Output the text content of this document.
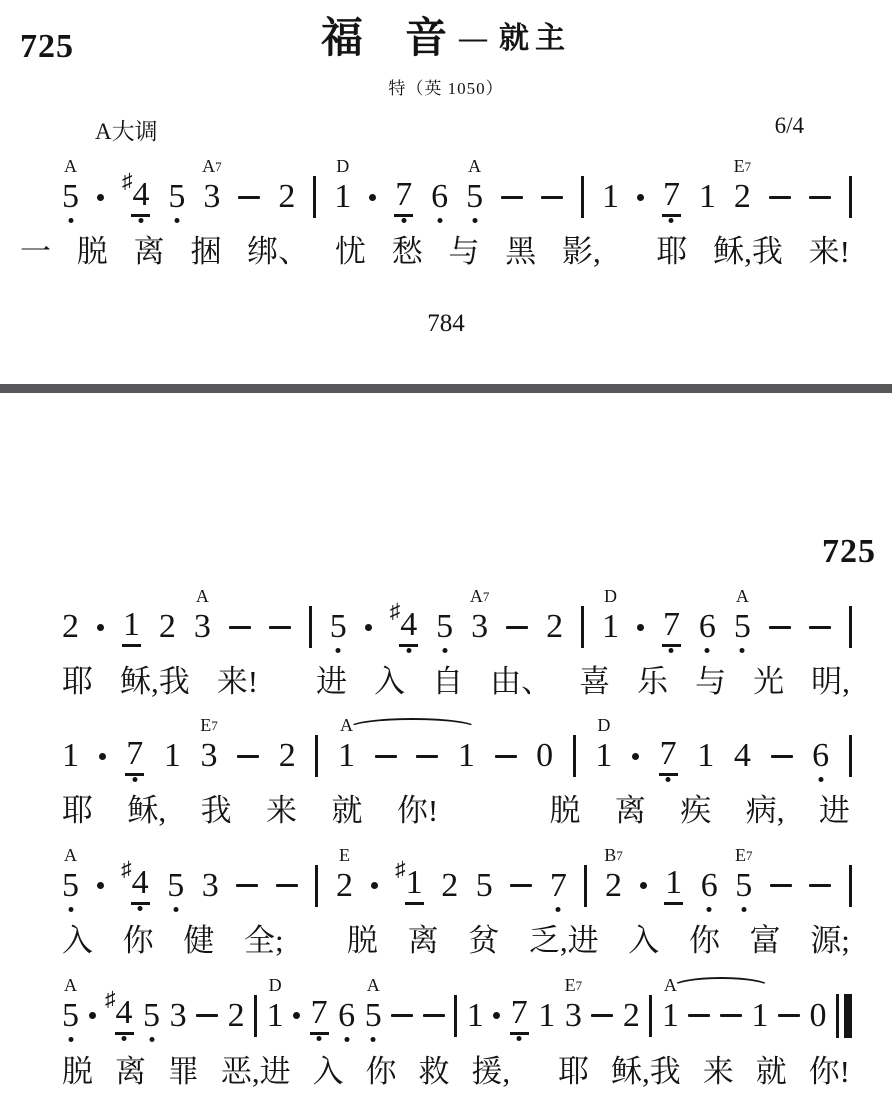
725	福　音 — 就主
特（英 1050）
A大调	6/4
5
A
♯ 4 5 3
A7
2 1
D
7 6 5
A
1 7 1 2
E7
一 脱 离 捆 绑、 忧 愁 与 黑 影, 耶 稣,我 来!
784
725
2 1 2 3
A
5 ♯ 4 5 3
A7
2 1
D
7 6 5
A
耶 稣,我 来! 进 入 自 由、 喜 乐 与 光 明,
1 7 1 3
E7
2 1
A
1 0 1
D
7 1 4 6
耶 稣, 我 来 就 你!	脱 离 疾 病, 进
5
A
♯ 4 5 3	2
E
♯ 1 2 5 7 2
B7
1 6 5
E7
入 你 健 全; 脱 离 贫 乏,进 入 你 富 源;
5
A
♯ 4 5 3 2 1
D
7 6 5
A
1 7 1 3
E7
2 1
A
1 0
脱 离 罪 恶,进 入 你 救 援, 耶 稣,我 来 就 你!
